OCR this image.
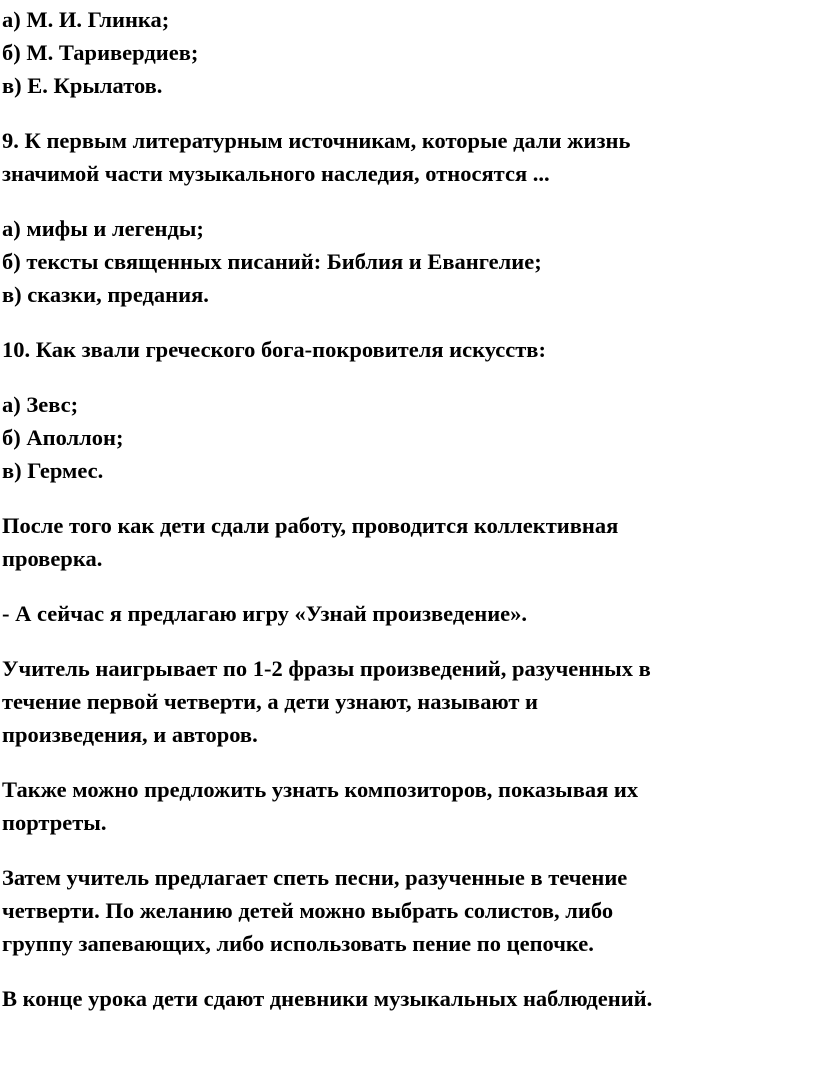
а) М. И. Глинка;
б) М. Таривердиев;
в) Е. Крылатов.
9. К первым литературным источникам, которые дали жизнь
значимой части музыкального наследия, относятся ...
а) мифы и легенды;
б) тексты священных писаний: Библия и Евангелие;
в) сказки, предания.
10. Как звали греческого бога-покровителя искусств:
а) Зевс;
б) Аполлон;
в) Гермес.
После того как дети сдали работу, проводится коллективная
проверка.
- А сейчас я предлагаю игру «Узнай произведение».
Учитель наигрывает по 1-2 фразы произведений, разученных в
течение первой четверти, а дети узнают, называют и
произведения, и авторов.
Также можно предложить узнать композиторов, показывая их
портреты.
Затем учитель предлагает спеть песни, разученные в течение
четверти. По желанию детей можно выбрать солистов, либо
группу запевающих, либо использовать пение по цепочке.
В конце урока дети сдают дневники музыкальных наблюдений.
